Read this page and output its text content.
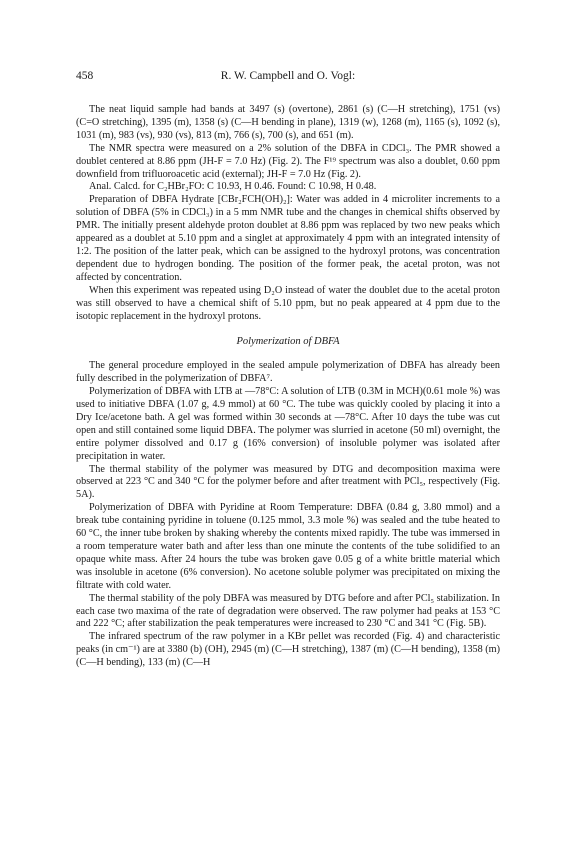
458	R. W. Campbell and O. Vogl:

The neat liquid sample had bands at 3497 (s) (overtone), 2861 (s) (C—H stretching), 1751 (vs) (C=O stretching), 1395 (m), 1358 (s) (C—H bending in plane), 1319 (w), 1268 (m), 1165 (s), 1092 (s), 1031 (m), 983 (vs), 930 (vs), 813 (m), 766 (s), 700 (s), and 651 (m).

The NMR spectra were measured on a 2% solution of the DBFA in CDCl₃. The PMR showed a doublet centered at 8.86 ppm (JH-F = 7.0 Hz) (Fig. 2). The F¹⁹ spectrum was also a doublet, 0.60 ppm downfield from trifluoroacetic acid (external); JH-F = 7.0 Hz (Fig. 2).

Anal. Calcd. for C₂HBr₂FO: C 10.93, H 0.46. Found: C 10.98, H 0.48.

Preparation of DBFA Hydrate [CBr₂FCH(OH)₂]: Water was added in 4 microliter increments to a solution of DBFA (5% in CDCl₃) in a 5 mm NMR tube and the changes in chemical shifts observed by PMR. The initially present aldehyde proton doublet at 8.86 ppm was replaced by two new peaks which appeared as a doublet at 5.10 ppm and a singlet at approximately 4 ppm with an integrated intensity of 1:2. The position of the latter peak, which can be assigned to the hydroxyl protons, was concentration dependent due to hydrogen bonding. The position of the former peak, the acetal proton, was not affected by concentration.

When this experiment was repeated using D₂O instead of water the doublet due to the acetal proton was still observed to have a chemical shift of 5.10 ppm, but no peak appeared at 4 ppm due to the isotopic replacement in the hydroxyl protons.

Polymerization of DBFA

The general procedure employed in the sealed ampule polymerization of DBFA has already been fully described in the polymerization of DBFA⁷.

Polymerization of DBFA with LTB at —78°C: A solution of LTB (0.3M in MCH)(0.61 mole %) was used to initiative DBFA (1.07 g, 4.9 mmol) at 60 °C. The tube was quickly cooled by placing it into a Dry Ice/acetone bath. A gel was formed within 30 seconds at —78°C. After 10 days the tube was cut open and still contained some liquid DBFA. The polymer was slurried in acetone (50 ml) overnight, the entire polymer dissolved and 0.17 g (16% conversion) of insoluble polymer was isolated after precipitation in water.

The thermal stability of the polymer was measured by DTG and decomposition maxima were observed at 223 °C and 340 °C for the polymer before and after treatment with PCl₅, respectively (Fig. 5A).

Polymerization of DBFA with Pyridine at Room Temperature: DBFA (0.84 g, 3.80 mmol) and a break tube containing pyridine in toluene (0.125 mmol, 3.3 mole %) was sealed and the tube heated to 60 °C, the inner tube broken by shaking whereby the contents mixed rapidly. The tube was immersed in a room temperature water bath and after less than one minute the contents of the tube solidified to an opaque white mass. After 24 hours the tube was broken gave 0.05 g of a white brittle material which was insoluble in acetone (6% conversion). No acetone soluble polymer was precipitated on mixing the filtrate with cold water.

The thermal stability of the poly DBFA was measured by DTG before and after PCl₅ stabilization. In each case two maxima of the rate of degradation were observed. The raw polymer had peaks at 153 °C and 222 °C; after stabilization the peak temperatures were increased to 230 °C and 341 °C (Fig. 5B).

The infrared spectrum of the raw polymer in a KBr pellet was recorded (Fig. 4) and characteristic peaks (in cm⁻¹) are at 3380 (b) (OH), 2945 (m) (C—H stretching), 1387 (m) (C—H bending), 1358 (m) (C—H bending), 133 (m) (C—H
